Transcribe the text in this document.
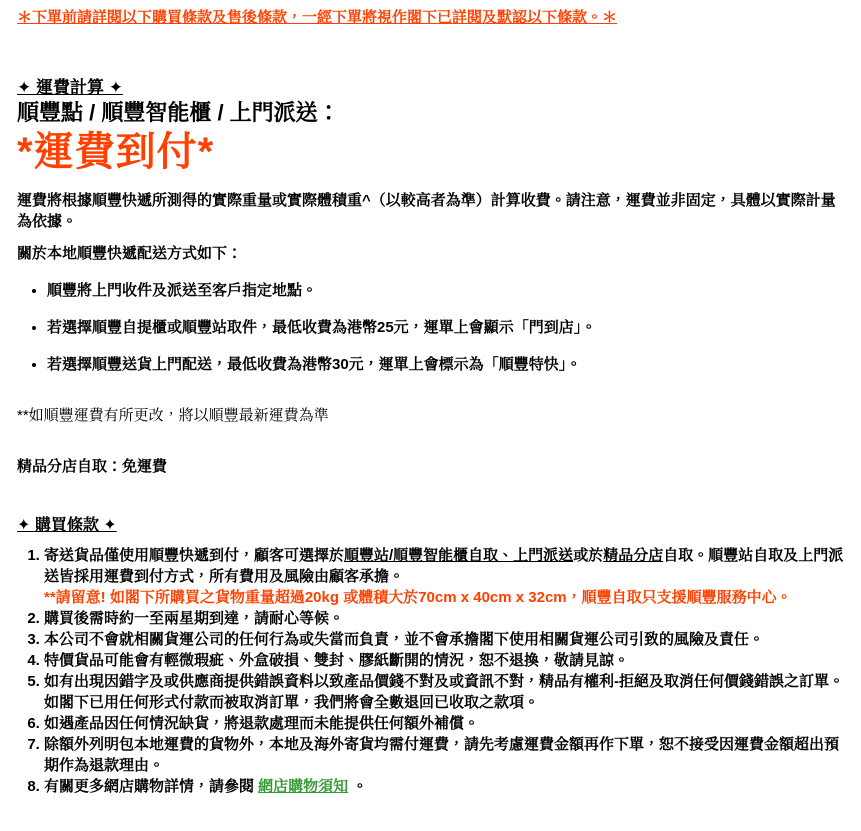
＊下單前請詳閱以下購買條款及售後條款，一經下單將視作閣下已詳閱及默認以下條款。＊

✦ 運費計算 ✦
順豐點 / 順豐智能櫃 / 上門派送：
*運費到付*

運費將根據順豐快遞所測得的實際重量或實際體積重^（以較高者為準）計算收費。請注意，運費並非固定，具體以實際計量為依據。

關於本地順豐快遞配送方式如下：

• 順豐將上門收件及派送至客戶指定地點。
• 若選擇順豐自提櫃或順豐站取件，最低收費為港幣25元，運單上會顯示「門到店」。
• 若選擇順豐送貨上門配送，最低收費為港幣30元，運單上會標示為「順豐特快」。

**如順豐運費有所更改，將以順豐最新運費為準

精品分店自取：免運費

✦ 購買條款 ✦
1. 寄送貨品僅使用順豐快遞到付，顧客可選擇於順豐站/順豐智能櫃自取、上門派送或於精品分店自取。順豐站自取及上門派送皆採用運費到付方式，所有費用及風險由顧客承擔。
**請留意! 如閣下所購買之貨物重量超過20kg 或體積大於70cm x 40cm x 32cm，順豐自取只支援順豐服務中心。
2. 購買後需時約一至兩星期到達，請耐心等候。
3. 本公司不會就相關貨運公司的任何行為或失當而負責，並不會承擔閣下使用相關貨運公司引致的風險及責任。
4. 特價貨品可能會有輕微瑕疵、外盒破損、雙封、膠紙斷開的情況，恕不退換，敬請見諒。
5. 如有出現因錯字及或供應商提供錯誤資料以致產品價錢不對及或資訊不對，精品有權利-拒絕及取消任何價錢錯誤之訂單。如閣下已用任何形式付款而被取消訂單，我們將會全數退回已收取之款項。
6. 如遇產品因任何情況缺貨，將退款處理而未能提供任何額外補償。
7. 除額外列明包本地運費的貨物外，本地及海外寄貨均需付運費，請先考慮運費金額再作下單，恕不接受因運費金額超出預期作為退款理由。
8. 有關更多網店購物詳情，請參閱 網店購物須知 。
